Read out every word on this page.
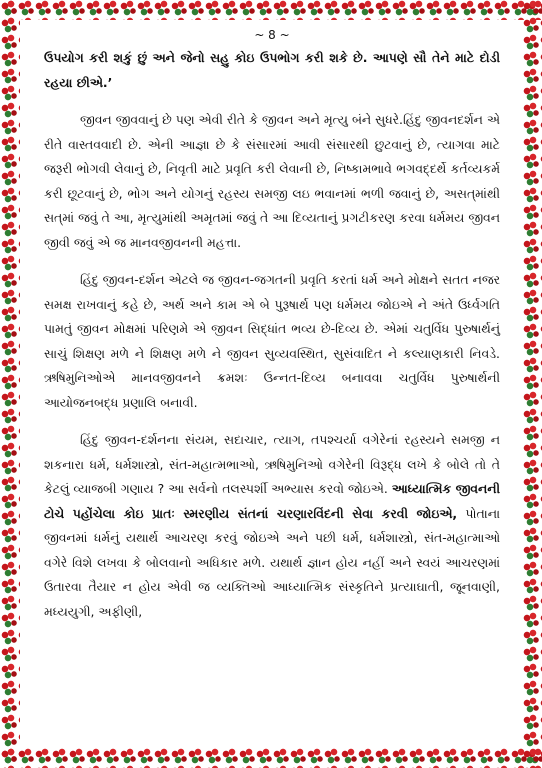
~ 8 ~

ઉપયોગ કરી શકું છું અને જેનો સહુ કોઇ ઉપભોગ કરી શકે છે. આપણે સૌ તેને માટે દોડી રહયા છીએ.’

જીવન જીવવાનું છે પણ એવી રીતે કે જીવન અને મૃત્યુ બંને સુધરે.હિંદુ જીવનદર્શન એ રીતે વાસ્તવવાદી છે. એની આજ્ઞા છે કે સંસારમાં આવી સંસારથી છુટવાનું છે, ત્યાગવા માટે જરૂરી ભોગવી લેવાનું છે, નિવૃતી માટે પ્રવૃતિ કરી લેવાની છે, નિષ્કામભાવે ભગવદ્દર્થે કર્તવ્યકર્મ કરી છૂટવાનું છે, ભોગ અને યોગનું રહસ્ય સમજી લઇ ભવાનમાં ભળી જવાનું છે, અસત્‌માંથી સત્‌માં જવું તે આ, મૃત્યુમાંથી અમૃતમાં જવું તે આ દિવ્યતાનું પ્રગટીકરણ કરવા ધર્મમય જીવન જીવી જવું એ જ માનવજીવનની મહત્તા.

હિંદુ જીવન-દર્શન એટલે જ જીવન-જગતની પ્રવૃતિ કરતાં ધર્મ અને મોક્ષને સતત નજર સમક્ષ રાખવાનું કહે છે, અર્થ અને કામ એ બે પુરૂષાર્થ પણ ધર્મમય જોઇએ ને અંતે ઉર્ધ્વગતિ પામતું જીવન મોક્ષમાં પરિણમે એ જીવન સિદ્ધાંત ભવ્ય છે-દિવ્ય છે. એમાં ચતુર્વિધ પુરુષાર્થનું સાચું શિક્ષણ મળે ને શિક્ષણ મળે ને જીવન સુવ્યવસ્થિત, સુસંવાદિત ને કલ્યાણકારી નિવડે. ઋષિમુનિઓએ માનવજીવનને ક્રમશઃ ઉન્નત-દિવ્ય બનાવવા ચતુર્વિધ પુરુષાર્થની આયોજનબદ્ધ પ્રણાલિ બનાવી.

હિંદુ જીવન-દર્શનના સંયમ, સદાચાર, ત્યાગ, તપશ્ચર્યા વગેરેનાં રહસ્યને સમજી ન શકનારા ધર્મ, ધર્મશાસ્ત્રો, સંત-મહાત્મભાઓ, ઋષિમુનિઓ વગેરેની વિરૂદ્ધ લખે કે બોલે તો તે કેટલું વ્યાજબી ગણાય ? આ સર્વનો તલસ્પર્શી અભ્યાસ કરવો જોઇએ. આધ્યાત્મિક જીવનની ટોચે પહોંચેલા કોઇ પ્રાતઃ સ્મરણીય સંતનાં ચરણારવિંદની સેવા કરવી જોઇએ, પોતાના જીવનમાં ધર્મનું યથાર્થ આચરણ કરવું જોઇએ અને પછી ધર્મ, ધર્મશાસ્ત્રો, સંત-મહાત્માઓ વગેરે વિશે લખવા કે બોલવાનો અધિકાર મળે. યથાર્થ જ્ઞાન હોય નહીં અને સ્વયં આચરણમાં ઉતારવા તૈયાર ન હોય એવી જ વ્યક્તિઓ આધ્યાત્મિક સંસ્કૃતિને પ્રત્યાઘાતી, જૂનવાણી, મધ્યયુગી, અફીણી,
